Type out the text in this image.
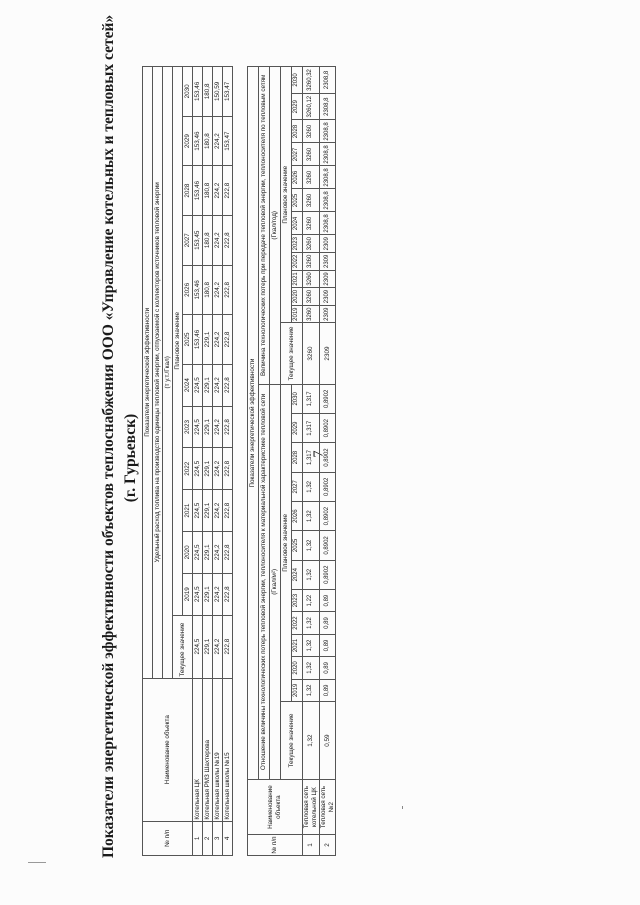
7
Показатели энергетической эффективности объектов теплоснабжения ООО «Управление котельных и тепловых сетей» (г. Гурьевск)
№ п/п	Наименование объекта	Показатели энергетической эффективности												
		Удельный расход топлива на производство единицы тепловой энергии, отпускаемой с коллекторов источников тепловой энергии												
		(т у.т./Гкал)												
		Текущее значение	Плановое значение											
			2019	2020	2021	2022	2023	2024	2025	2026	2027	2028	2029	2030
1	Котельная ЦК	224,5	224,5	224,5	224,5	224,5	224,5	224,5	153,46	153,46	153,45	153,46	153,46	153,46
2	Котельная РМЗ Шахтерова	229,1	229,1	229,1	229,1	229,1	229,1	229,1	229,1	180,8	180,8	180,8	180,8	180,8
3	Котельная школы №19	224,2	224,2	224,2	224,2	224,2	224,2	224,2	224,2	224,2	224,2	224,2	224,2	150,59
4	Котельная школы №15	222,8	222,8	222,8	222,8	222,8	222,8	222,8	222,8	222,8	222,8	222,8	153,47	153,47
№ п/п	Наименование объекта	Показатели энергетической эффективности																									
		Отношение величины технологических потерь тепловой энергии, теплоносителя к материальной характеристике тепловой сети													Величина технологических потерь при передаче тепловой энергии, теплоносителя по тепловым сетям												
		(Гкал/м²)													(Гкал/год)												
		Текущее значение	Плановое значение												Текущее значение	Плановое значение											
			2019	2020	2021	2022	2023	2024	2025	2026	2027	2028	2029	2030		2019	2020	2021	2022	2023	2024	2025	2026	2027	2028	2029	2030
1	Тепловая сеть котельной ЦК	1,32	1,32	1,32	1,32	1,32	1,22	1,32	1,32	1,32	1,32	1,317	1,317	1,317	3260	3260	3260	3260	3260	3260	3260	3260	3260	3260	3260	3260,12	3260,32
2	Тепловая сеть №2	0,59	0,89	0,89	0,89	0,89	0,89	0,8902	0,8902	0,8902	0,8902	0,8902	0,8902	0,8902	2309	2309	2309	2309	2309	2309	2308,8	2308,8	2308,8	2308,8	2308,8	2308,8	2308,8
